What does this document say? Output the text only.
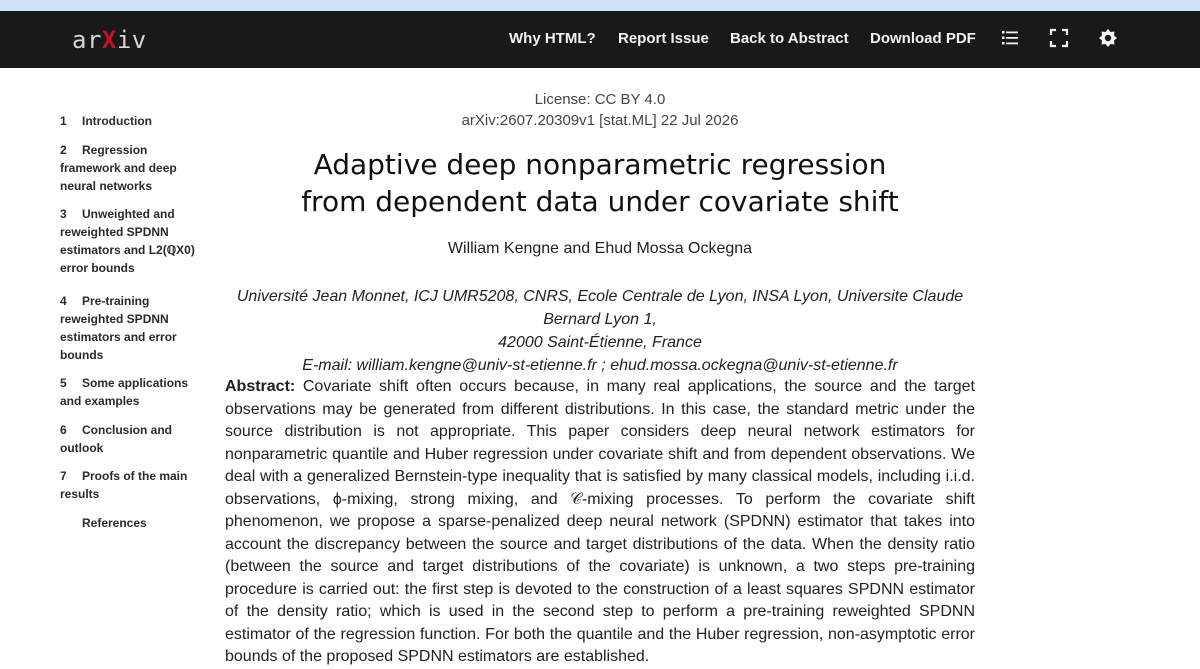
arXiv	Why HTML? Report Issue Back to Abstract Download PDF
1 Introduction
2 Regression framework and deep neural networks
3 Unweighted and reweighted SPDNN estimators and L2(ℚX0) error bounds
4 Pre-training reweighted SPDNN estimators and error bounds
5 Some applications and examples
6 Conclusion and outlook
7 Proofs of the main results
References
License: CC BY 4.0
arXiv:2607.20309v1 [stat.ML] 22 Jul 2026
Adaptive deep nonparametric regression
from dependent data under covariate shift
William Kengne and Ehud Mossa Ockegna
Université Jean Monnet, ICJ UMR5208, CNRS, Ecole Centrale de Lyon, INSA Lyon, Universite Claude Bernard Lyon 1,
42000 Saint-Étienne, France
E-mail: william.kengne@univ-st-etienne.fr ; ehud.mossa.ockegna@univ-st-etienne.fr
Abstract: Covariate shift often occurs because, in many real applications, the source and the target observations may be generated from different distributions. In this case, the standard metric under the source distribution is not appropriate. This paper considers deep neural network estimators for nonparametric quantile and Huber regression under covariate shift and from dependent observations. We deal with a generalized Bernstein-type inequality that is satisfied by many classical models, including i.i.d. observations, ϕ-mixing, strong mixing, and 𝒞-mixing processes. To perform the covariate shift phenomenon, we propose a sparse-penalized deep neural network (SPDNN) estimator that takes into account the discrepancy between the source and target distributions of the data. When the density ratio (between the source and target distributions of the covariate) is unknown, a two steps pre-training procedure is carried out: the first step is devoted to the construction of a least squares SPDNN estimator of the density ratio; which is used in the second step to perform a pre-training reweighted SPDNN estimator of the regression function. For both the quantile and the Huber regression, non-asymptotic error bounds of the proposed SPDNN estimators are established.
